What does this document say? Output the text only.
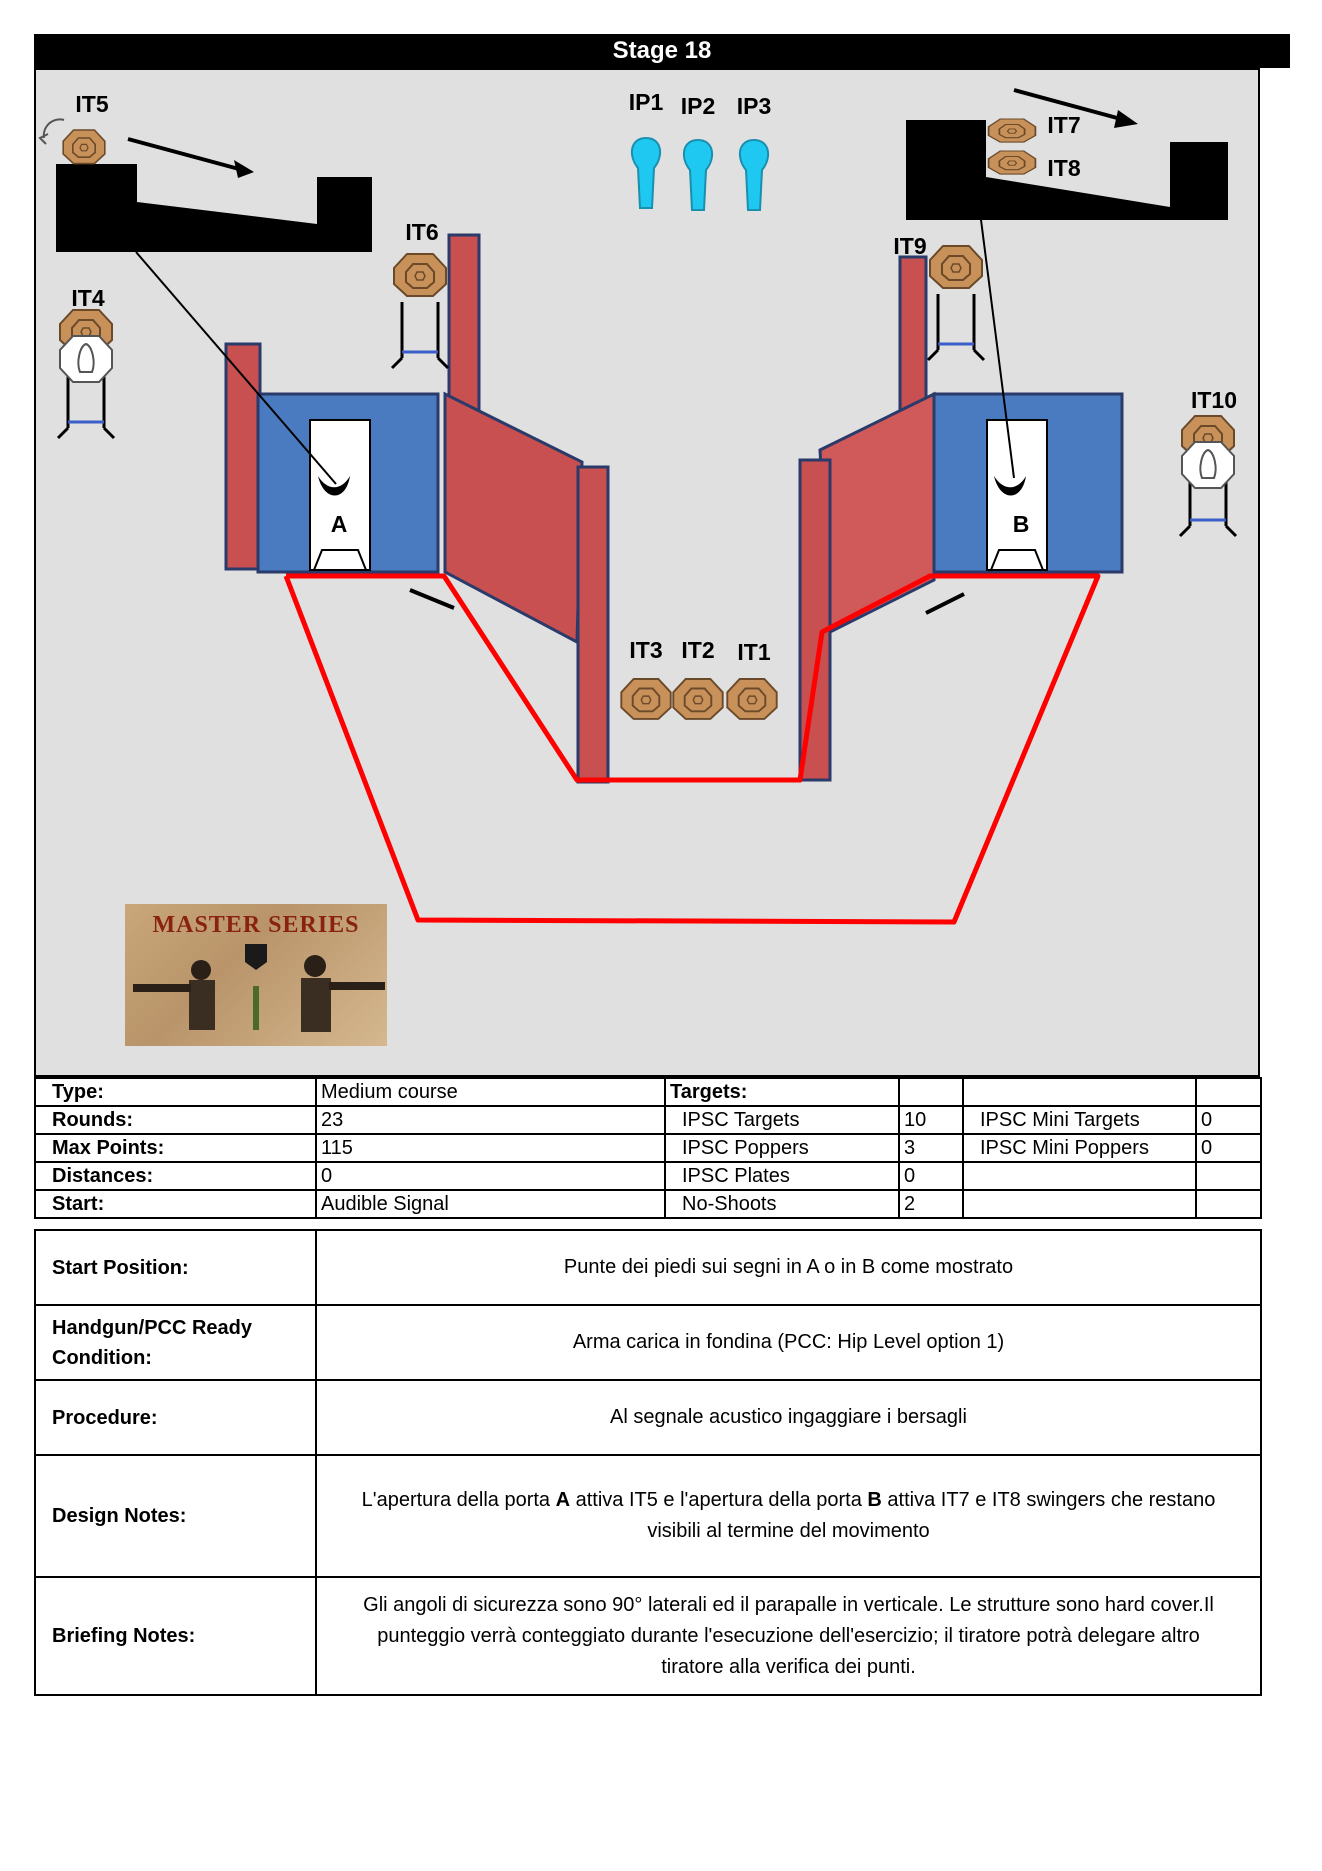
Stage 18
A	B
IP1 IP2 IP3
IT5
IT7
IT8
IT4
IT6
IT9
IT10
IT3 IT2 IT1
MASTER SERIES
Type:	Medium course	Targets:			
Rounds:	23	IPSC Targets	10	IPSC Mini Targets	0
Max Points:	115	IPSC Poppers	3	IPSC Mini Poppers	0
Distances:	0	IPSC Plates	0		
Start:	Audible Signal	No-Shoots	2		
Start Position:	Punte dei piedi sui segni in A o in B come mostrato
Handgun/PCC Ready
Condition:	Arma carica in fondina (PCC: Hip Level option 1)
Procedure:	Al segnale acustico ingaggiare i bersagli
Design Notes:	L'apertura della porta A attiva IT5 e l'apertura della porta B attiva IT7 e IT8 swingers che restano visibili al termine del movimento
Briefing Notes:	Gli angoli di sicurezza sono 90° laterali ed il parapalle in verticale. Le strutture sono hard cover.Il punteggio verrà conteggiato durante l'esecuzione dell'esercizio; il tiratore potrà delegare altro tiratore alla verifica dei punti.
